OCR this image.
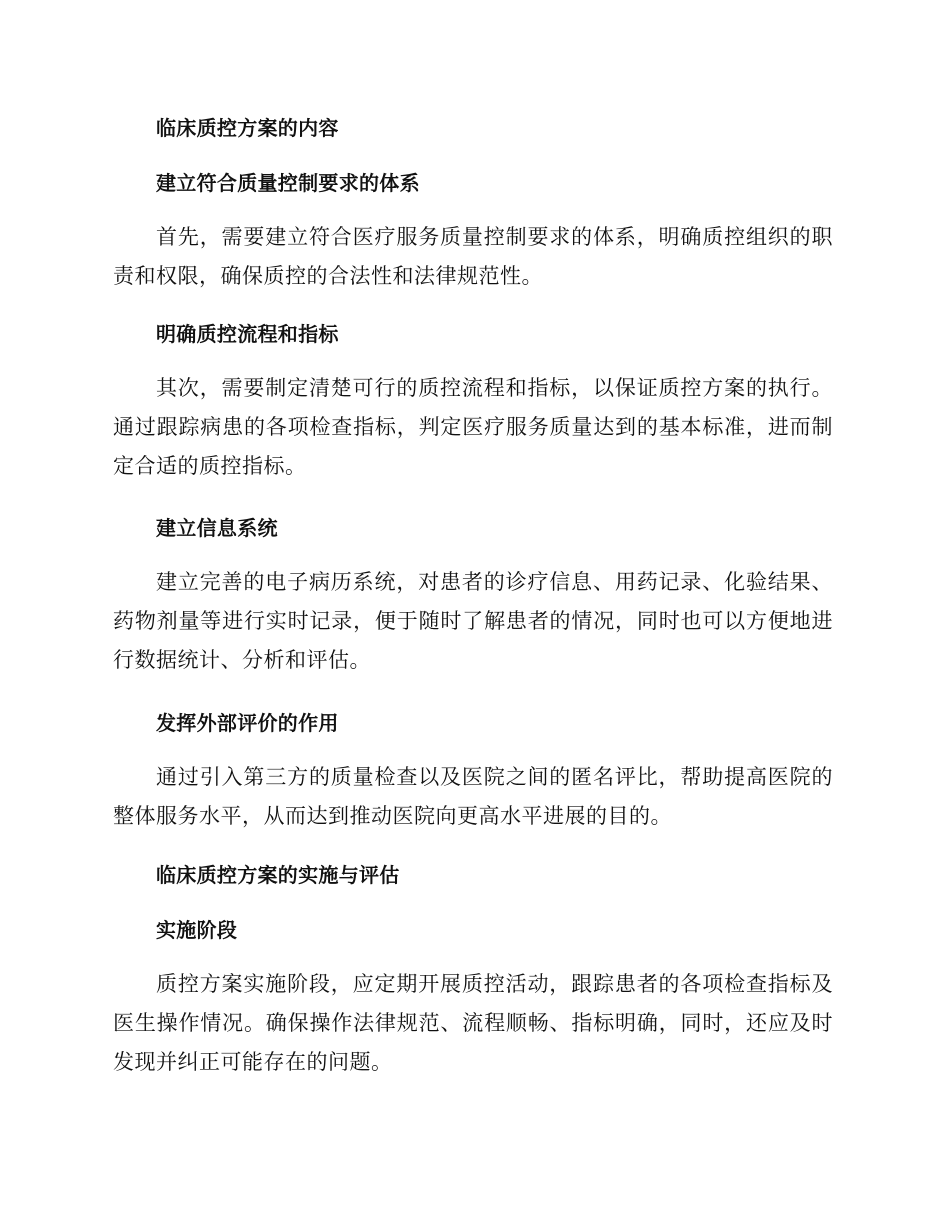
临床质控方案的内容
建立符合质量控制要求的体系

首先，需要建立符合医疗服务质量控制要求的体系，明确质控组织的职责和权限，确保质控的合法性和法律规范性。

明确质控流程和指标

其次，需要制定清楚可行的质控流程和指标，以保证质控方案的执行。通过跟踪病患的各项检查指标，判定医疗服务质量达到的基本标准，进而制定合适的质控指标。

建立信息系统

建立完善的电子病历系统，对患者的诊疗信息、用药记录、化验结果、药物剂量等进行实时记录，便于随时了解患者的情况，同时也可以方便地进行数据统计、分析和评估。

发挥外部评价的作用

通过引入第三方的质量检查以及医院之间的匿名评比，帮助提高医院的整体服务水平，从而达到推动医院向更高水平进展的目的。

临床质控方案的实施与评估
实施阶段

质控方案实施阶段，应定期开展质控活动，跟踪患者的各项检查指标及医生操作情况。确保操作法律规范、流程顺畅、指标明确，同时，还应及时发现并纠正可能存在的问题。
